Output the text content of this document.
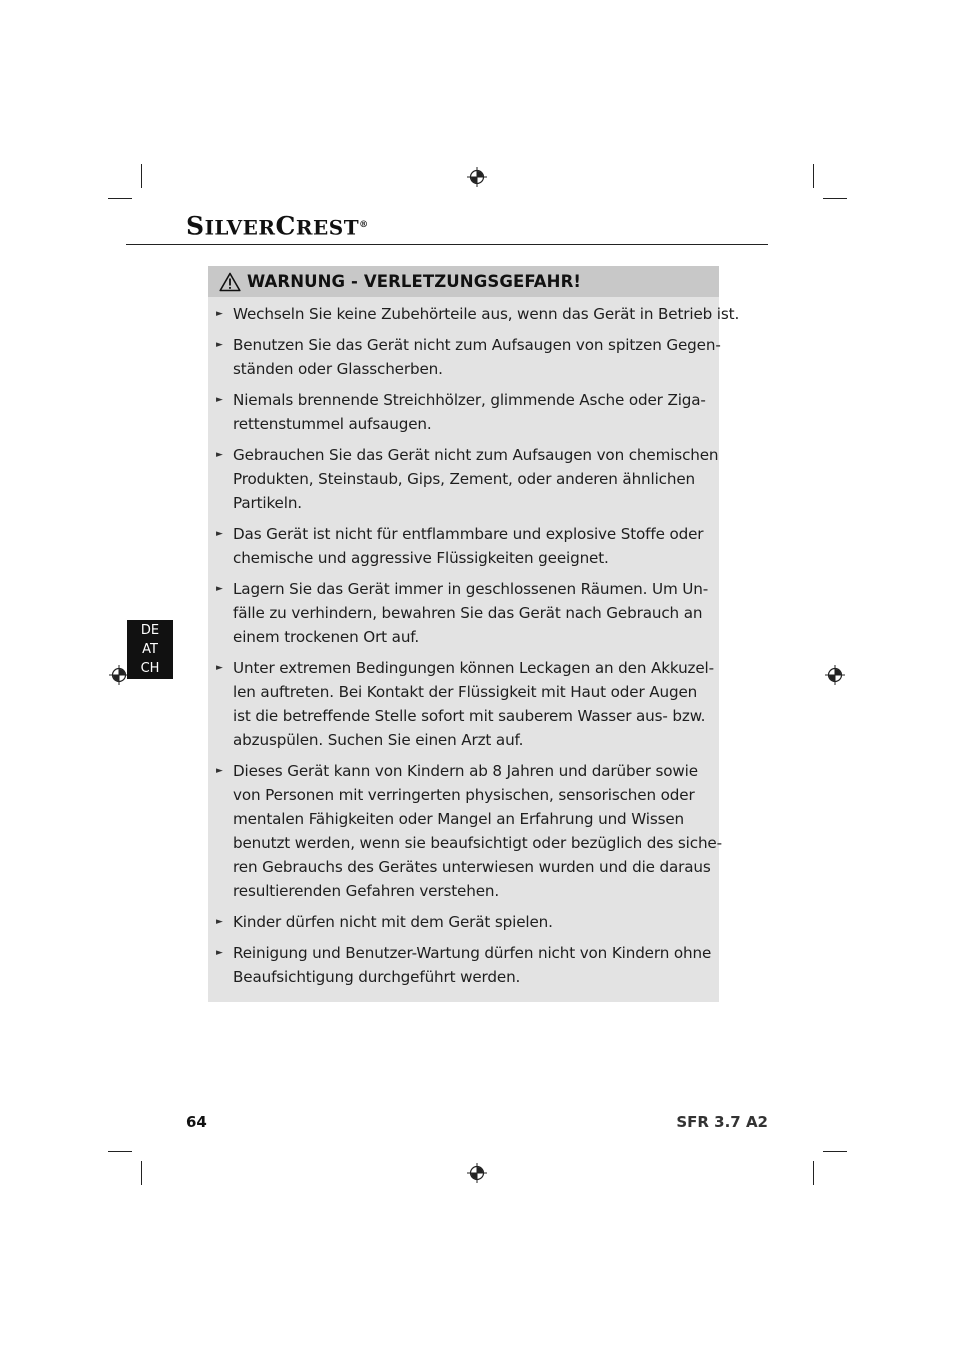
SILVERCREST®
DE
AT
CH
WARNUNG - VERLETZUNGSGEFAHR!
► Wechseln Sie keine Zubehörteile aus, wenn das Gerät in Betrieb ist.
► Benutzen Sie das Gerät nicht zum Aufsaugen von spitzen Gegen-
ständen oder Glasscherben.
► Niemals brennende Streichhölzer, glimmende Asche oder Ziga-
rettenstummel aufsaugen.
► Gebrauchen Sie das Gerät nicht zum Aufsaugen von chemischen
Produkten, Steinstaub, Gips, Zement, oder anderen ähnlichen
Partikeln.
► Das Gerät ist nicht für entflammbare und explosive Stoffe oder
chemische und aggressive Flüssigkeiten geeignet.
► Lagern Sie das Gerät immer in geschlossenen Räumen. Um Un-
fälle zu verhindern, bewahren Sie das Gerät nach Gebrauch an
einem trockenen Ort auf.
► Unter extremen Bedingungen können Leckagen an den Akkuzel-
len auftreten. Bei Kontakt der Flüssigkeit mit Haut oder Augen
ist die betreffende Stelle sofort mit sauberem Wasser aus- bzw.
abzuspülen. Suchen Sie einen Arzt auf.
► Dieses Gerät kann von Kindern ab 8 Jahren und darüber sowie
von Personen mit verringerten physischen, sensorischen oder
mentalen Fähigkeiten oder Mangel an Erfahrung und Wissen
benutzt werden, wenn sie beaufsichtigt oder bezüglich des siche-
ren Gebrauchs des Gerätes unterwiesen wurden und die daraus
resultierenden Gefahren verstehen.
► Kinder dürfen nicht mit dem Gerät spielen.
► Reinigung und Benutzer-Wartung dürfen nicht von Kindern ohne
Beaufsichtigung durchgeführt werden.
64	SFR 3.7 A2
